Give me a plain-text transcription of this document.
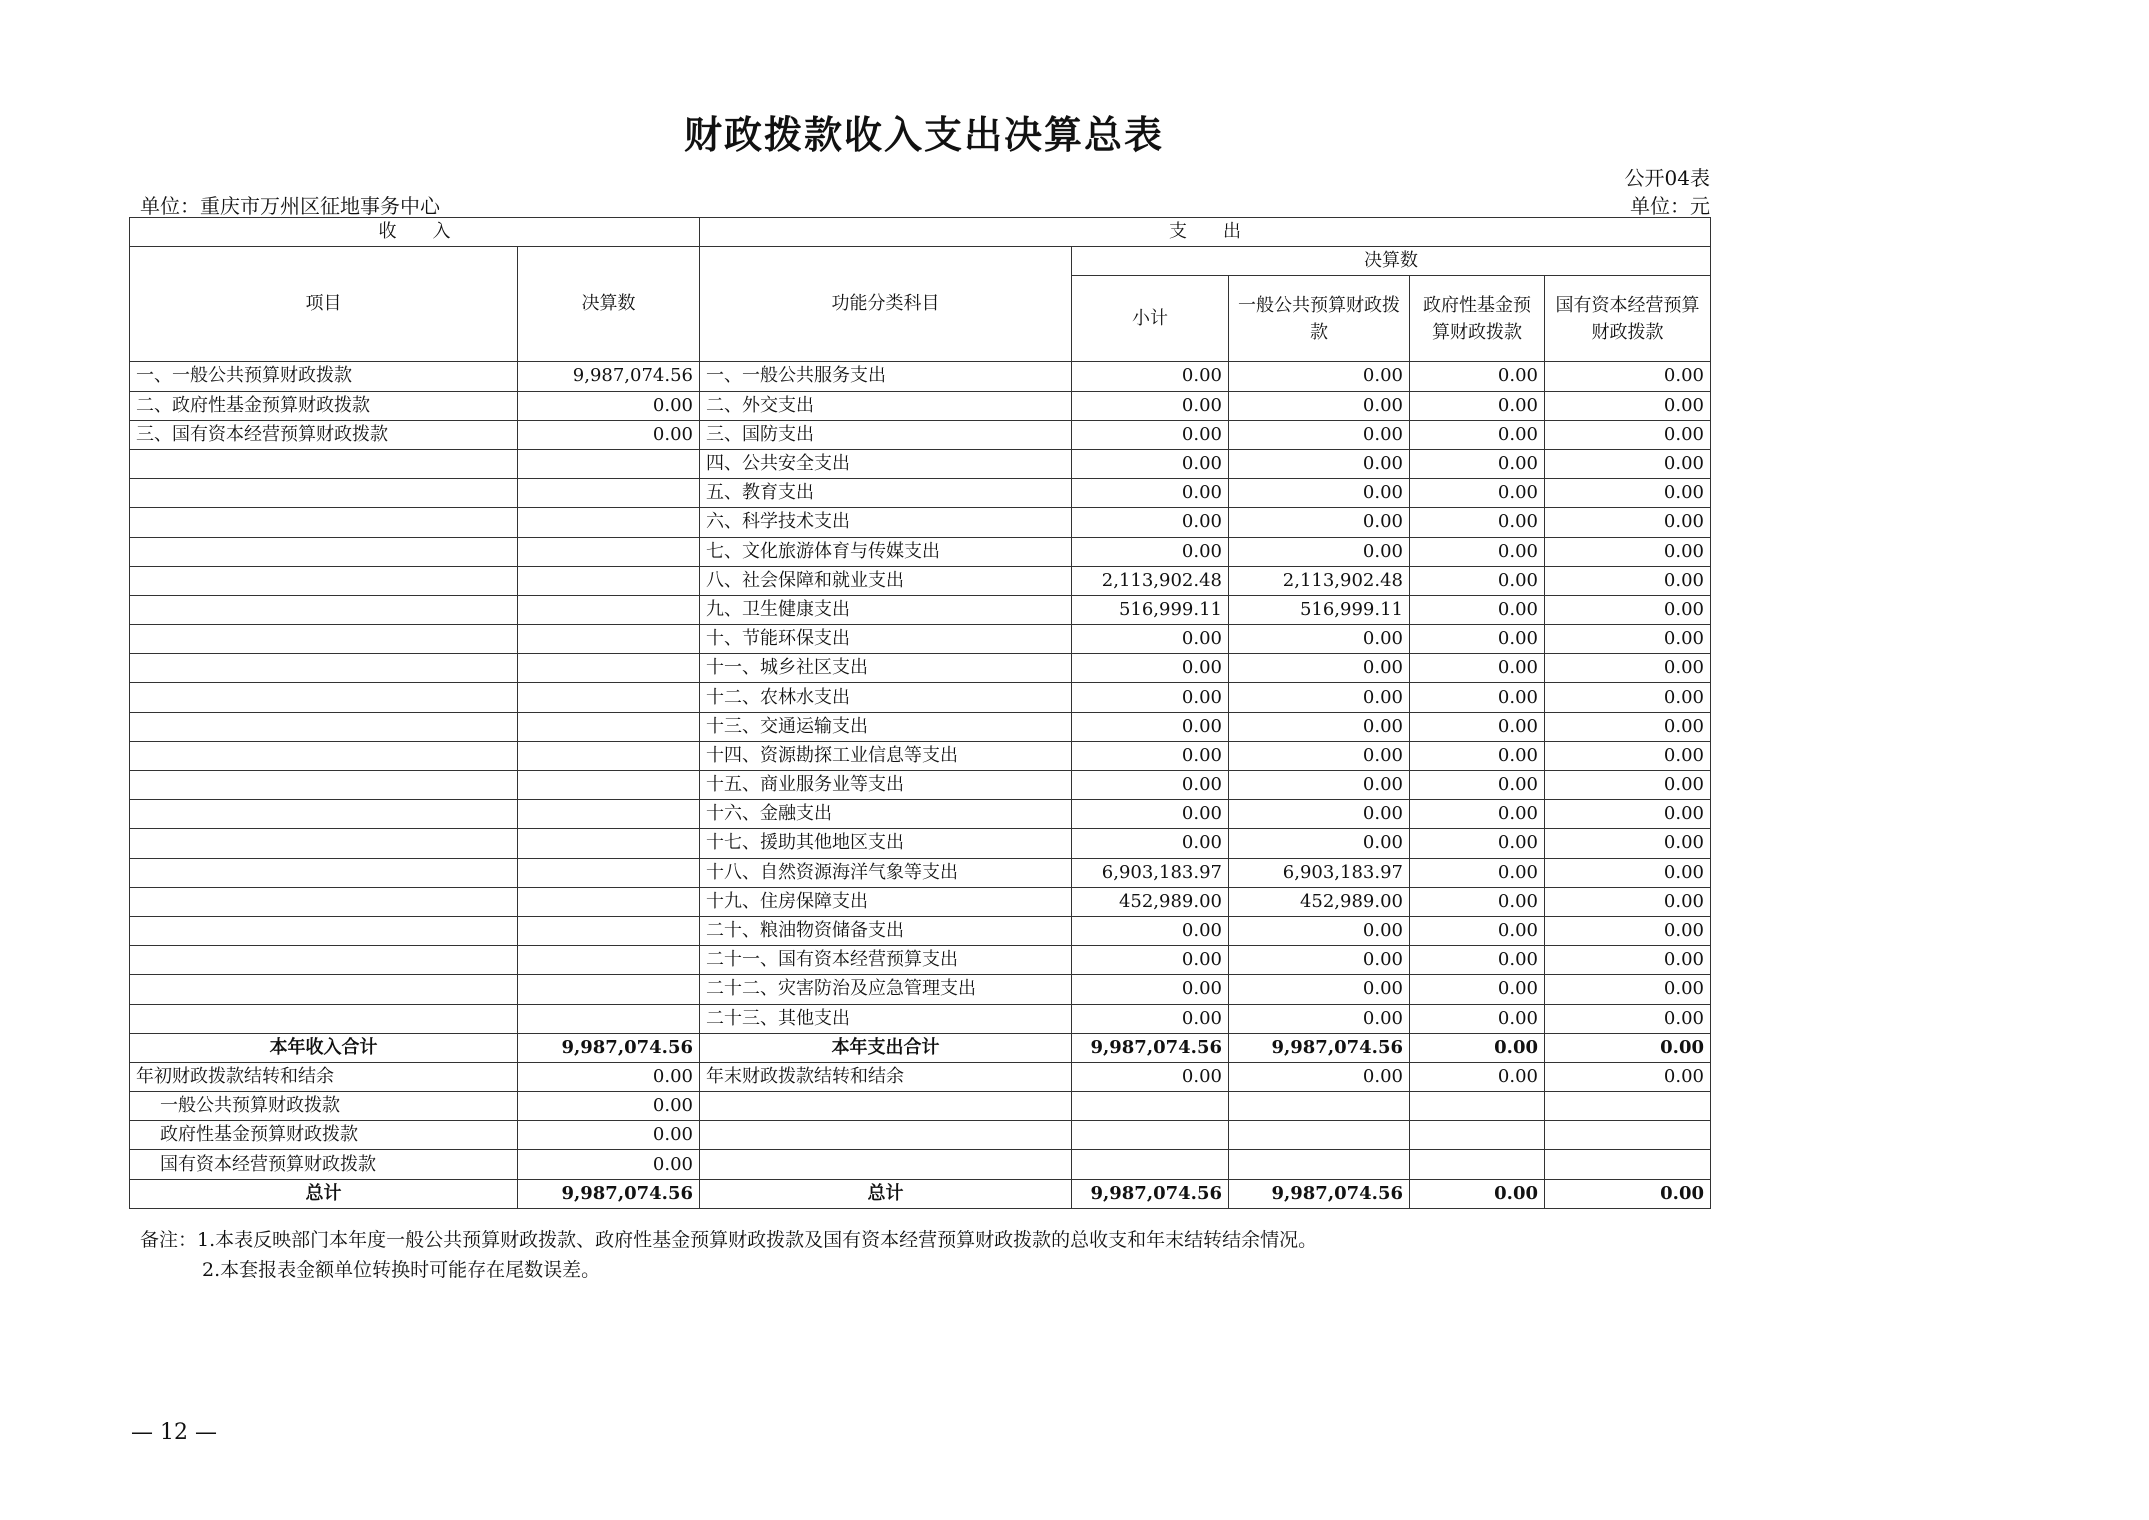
财政拨款收入支出决算总表
公开04表
单位：重庆市万州区征地事务中心	单位：元
收　　入		支　　出				
项目	决算数	功能分类科目	决算数			
			小计	一般公共预算财政拨款	政府性基金预算财政拨款	国有资本经营预算财政拨款
一、一般公共预算财政拨款	9,987,074.56	一、一般公共服务支出	0.00	0.00	0.00	0.00
二、政府性基金预算财政拨款	0.00	二、外交支出	0.00	0.00	0.00	0.00
三、国有资本经营预算财政拨款	0.00	三、国防支出	0.00	0.00	0.00	0.00
		四、公共安全支出	0.00	0.00	0.00	0.00
		五、教育支出	0.00	0.00	0.00	0.00
		六、科学技术支出	0.00	0.00	0.00	0.00
		七、文化旅游体育与传媒支出	0.00	0.00	0.00	0.00
		八、社会保障和就业支出	2,113,902.48	2,113,902.48	0.00	0.00
		九、卫生健康支出	516,999.11	516,999.11	0.00	0.00
		十、节能环保支出	0.00	0.00	0.00	0.00
		十一、城乡社区支出	0.00	0.00	0.00	0.00
		十二、农林水支出	0.00	0.00	0.00	0.00
		十三、交通运输支出	0.00	0.00	0.00	0.00
		十四、资源勘探工业信息等支出	0.00	0.00	0.00	0.00
		十五、商业服务业等支出	0.00	0.00	0.00	0.00
		十六、金融支出	0.00	0.00	0.00	0.00
		十七、援助其他地区支出	0.00	0.00	0.00	0.00
		十八、自然资源海洋气象等支出	6,903,183.97	6,903,183.97	0.00	0.00
		十九、住房保障支出	452,989.00	452,989.00	0.00	0.00
		二十、粮油物资储备支出	0.00	0.00	0.00	0.00
		二十一、国有资本经营预算支出	0.00	0.00	0.00	0.00
		二十二、灾害防治及应急管理支出	0.00	0.00	0.00	0.00
		二十三、其他支出	0.00	0.00	0.00	0.00
本年收入合计	9,987,074.56	本年支出合计	9,987,074.56	9,987,074.56	0.00	0.00
年初财政拨款结转和结余	0.00	年末财政拨款结转和结余	0.00	0.00	0.00	0.00
一般公共预算财政拨款	0.00					
政府性基金预算财政拨款	0.00					
国有资本经营预算财政拨款	0.00					
总计	9,987,074.56	总计	9,987,074.56	9,987,074.56	0.00	0.00
备注：1.本表反映部门本年度一般公共预算财政拨款、政府性基金预算财政拨款及国有资本经营预算财政拨款的总收支和年末结转结余情况。
2.本套报表金额单位转换时可能存在尾数误差。
— 12 —
